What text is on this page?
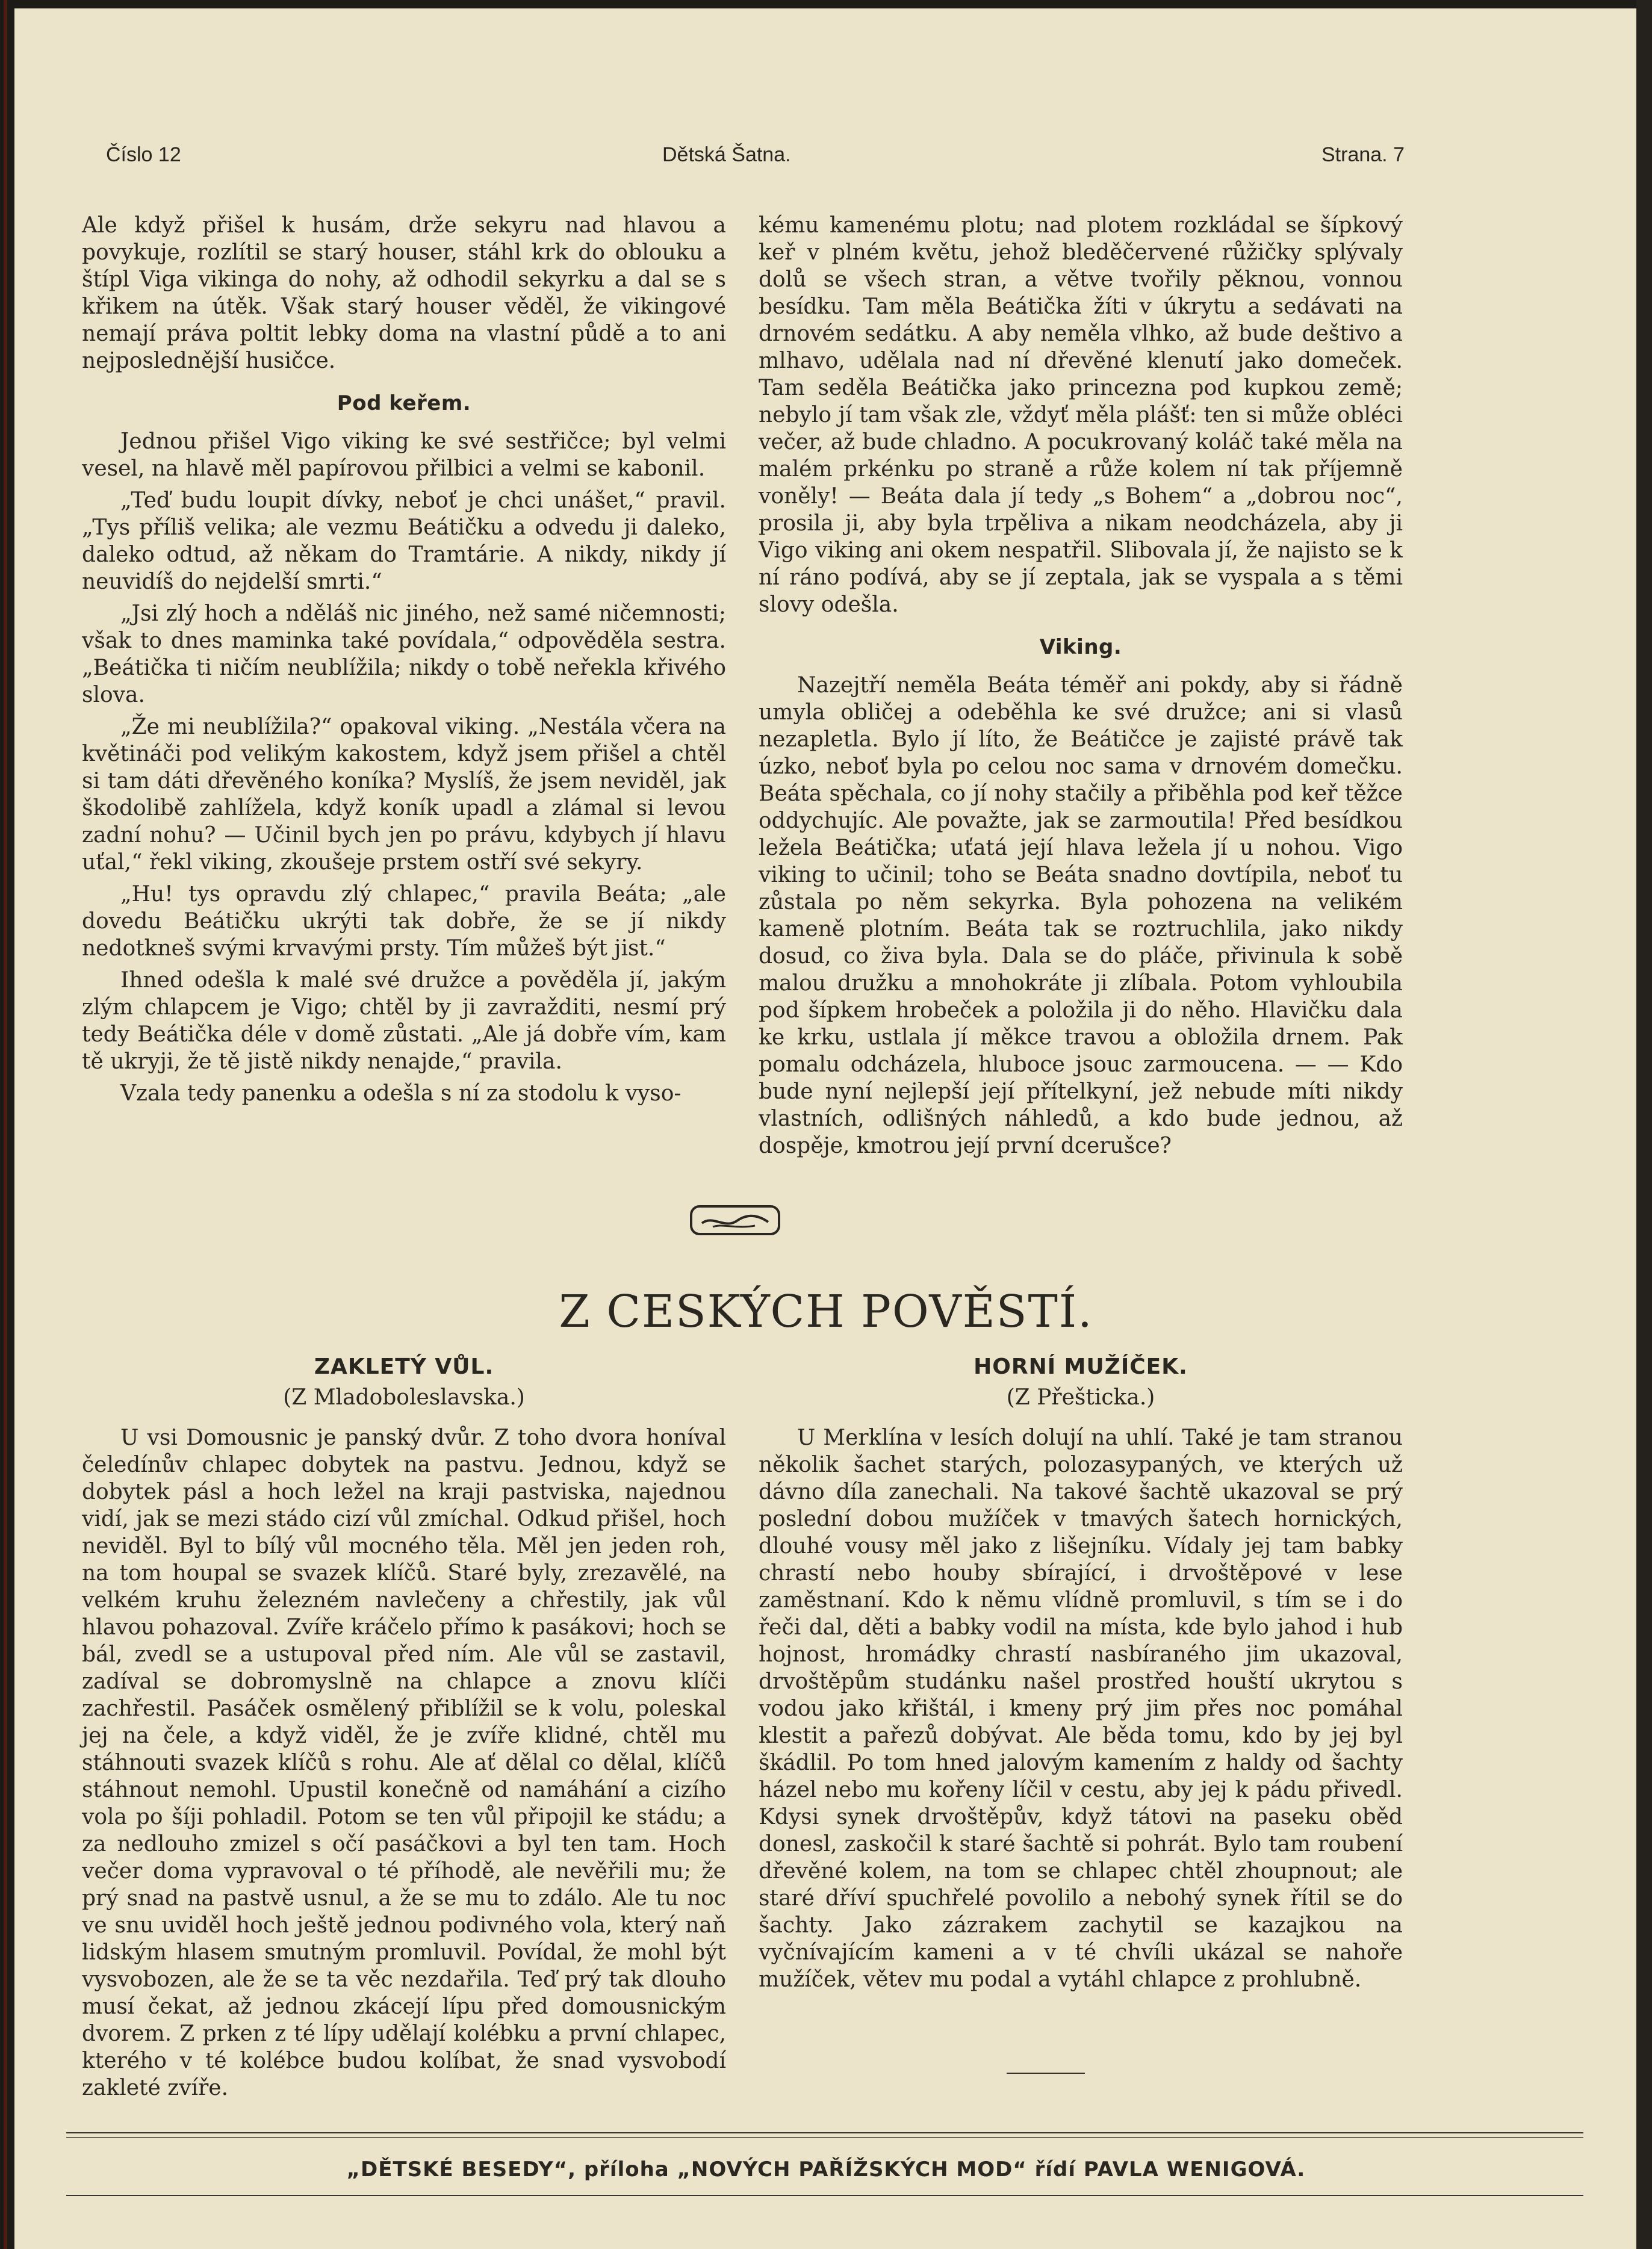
Číslo 12	Dětská Šatna.	Strana. 7

Ale když přišel k husám, drže sekyru nad hlavou a povykuje, rozlítil se starý houser, stáhl krk do oblouku a štípl Viga vikinga do nohy, až odhodil sekyrku a dal se s křikem na útěk. Však starý houser věděl, že vikingové nemají práva poltit lebky doma na vlastní půdě a to ani nejposlednější husičce.

Pod keřem.

Jednou přišel Vigo viking ke své sestřičce; byl velmi vesel, na hlavě měl papírovou přilbici a velmi se kabonil.

„Teď budu loupit dívky, neboť je chci unášet,“ pravil. „Tys příliš velika; ale vezmu Beátičku a odvedu ji daleko, daleko odtud, až někam do Tramtárie. A nikdy, nikdy jí neuvidíš do nejdelší smrti.“

„Jsi zlý hoch a nděláš nic jiného, než samé ničemnosti; však to dnes maminka také povídala,“ odpověděla sestra. „Beátička ti ničím neublížila; nikdy o tobě neřekla křivého slova.

„Že mi neublížila?“ opakoval viking. „Nestála včera na květináči pod velikým kakostem, když jsem přišel a chtěl si tam dáti dřevěného koníka? Myslíš, že jsem neviděl, jak škodolibě zahlížela, když koník upadl a zlámal si levou zadní nohu? — Učinil bych jen po právu, kdybych jí hlavu uťal,“ řekl viking, zkoušeje prstem ostří své sekyry.

„Hu! tys opravdu zlý chlapec,“ pravila Beáta; „ale dovedu Beátičku ukrýti tak dobře, že se jí nikdy nedotkneš svými krvavými prsty. Tím můžeš být jist.“

Ihned odešla k malé své družce a pověděla jí, jakým zlým chlapcem je Vigo; chtěl by ji zavražditi, nesmí prý tedy Beátička déle v domě zůstati. „Ale já dobře vím, kam tě ukryji, že tě jistě nikdy nenajde,“ pravila.

Vzala tedy panenku a odešla s ní za stodolu k vyso-

kému kamenému plotu; nad plotem rozkládal se šípkový keř v plném květu, jehož bleděčervené růžičky splývaly dolů se všech stran, a větve tvořily pěknou, vonnou besídku. Tam měla Beátička žíti v úkrytu a sedávati na drnovém sedátku. A aby neměla vlhko, až bude deštivo a mlhavo, udělala nad ní dřevěné klenutí jako domeček. Tam seděla Beátička jako princezna pod kupkou země; nebylo jí tam však zle, vždyť měla plášť: ten si může obléci večer, až bude chladno. A pocukrovaný koláč také měla na malém prkénku po straně a růže kolem ní tak příjemně voněly! — Beáta dala jí tedy „s Bohem“ a „dobrou noc“, prosila ji, aby byla trpěliva a nikam neodcházela, aby ji Vigo viking ani okem nespatřil. Slibovala jí, že najisto se k ní ráno podívá, aby se jí zeptala, jak se vyspala a s těmi slovy odešla.

Viking.

Nazejtří neměla Beáta téměř ani pokdy, aby si řádně umyla obličej a odeběhla ke své družce; ani si vlasů nezapletla. Bylo jí líto, že Beátičce je zajisté právě tak úzko, neboť byla po celou noc sama v drnovém domečku. Beáta spěchala, co jí nohy stačily a přiběhla pod keř těžce oddychujíc. Ale považte, jak se zarmoutila! Před besídkou ležela Beátička; uťatá její hlava ležela jí u nohou. Vigo viking to učinil; toho se Beáta snadno dovtípila, neboť tu zůstala po něm sekyrka. Byla pohozena na velikém kameně plotním. Beáta tak se roztruchlila, jako nikdy dosud, co živa byla. Dala se do pláče, přivinula k sobě malou družku a mnohokráte ji zlíbala. Potom vyhloubila pod šípkem hrobeček a položila ji do něho. Hlavičku dala ke krku, ustlala jí měkce travou a obložila drnem. Pak pomalu odcházela, hluboce jsouc zarmoucena. — — Kdo bude nyní nejlepší její přítelkyní, jež nebude míti nikdy vlastních, odlišných náhledů, a kdo bude jednou, až dospěje, kmotrou její první dcerušce?

Z CESKÝCH POVĚSTÍ.
ZAKLETÝ VŮL.
(Z Mladoboleslavska.)

U vsi Domousnic je panský dvůr. Z toho dvora honíval čeledínův chlapec dobytek na pastvu. Jednou, když se dobytek pásl a hoch ležel na kraji pastviska, najednou vidí, jak se mezi stádo cizí vůl zmíchal. Odkud přišel, hoch neviděl. Byl to bílý vůl mocného těla. Měl jen jeden roh, na tom houpal se svazek klíčů. Staré byly, zrezavělé, na velkém kruhu železném navlečeny a chřestily, jak vůl hlavou pohazoval. Zvíře kráčelo přímo k pasákovi; hoch se bál, zvedl se a ustupoval před ním. Ale vůl se zastavil, zadíval se dobromyslně na chlapce a znovu klíči zachřestil. Pasáček osmělený přiblížil se k volu, poleskal jej na čele, a když viděl, že je zvíře klidné, chtěl mu stáhnouti svazek klíčů s rohu. Ale ať dělal co dělal, klíčů stáhnout nemohl. Upustil konečně od namáhání a cizího vola po šíji pohladil. Potom se ten vůl připojil ke stádu; a za nedlouho zmizel s očí pasáčkovi a byl ten tam. Hoch večer doma vypravoval o té příhodě, ale nevěřili mu; že prý snad na pastvě usnul, a že se mu to zdálo. Ale tu noc ve snu uviděl hoch ještě jednou podivného vola, který naň lidským hlasem smutným promluvil. Povídal, že mohl být vysvobozen, ale že se ta věc nezdařila. Teď prý tak dlouho musí čekat, až jednou zkácejí lípu před domousnickým dvorem. Z prken z té lípy udělají kolébku a první chlapec, kterého v té kolébce budou kolíbat, že snad vysvobodí zakleté zvíře.

HORNÍ MUŽÍČEK.
(Z Přešticka.)

U Merklína v lesích dolují na uhlí. Také je tam stranou několik šachet starých, polozasypaných, ve kterých už dávno díla zanechali. Na takové šachtě ukazoval se prý poslední dobou mužíček v tmavých šatech hornických, dlouhé vousy měl jako z lišejníku. Vídaly jej tam babky chrastí nebo houby sbírající, i drvoštěpové v lese zaměstnaní. Kdo k němu vlídně promluvil, s tím se i do řeči dal, děti a babky vodil na místa, kde bylo jahod i hub hojnost, hromádky chrastí nasbíraného jim ukazoval, drvoštěpům studánku našel prostřed houští ukrytou s vodou jako křištál, i kmeny prý jim přes noc pomáhal klestit a pařezů dobývat. Ale běda tomu, kdo by jej byl škádlil. Po tom hned jalovým kamením z haldy od šachty házel nebo mu kořeny líčil v cestu, aby jej k pádu přivedl. Kdysi synek drvoštěpův, když tátovi na paseku oběd donesl, zaskočil k staré šachtě si pohrát. Bylo tam roubení dřevěné kolem, na tom se chlapec chtěl zhoupnout; ale staré dříví spuchřelé povolilo a nebohý synek řítil se do šachty. Jako zázrakem zachytil se kazajkou na vyčnívajícím kameni a v té chvíli ukázal se nahoře mužíček, větev mu podal a vytáhl chlapce z prohlubně.

„DĚTSKÉ BESEDY“, příloha „NOVÝCH PAŘÍŽSKÝCH MOD“ řídí PAVLA WENIGOVÁ.
